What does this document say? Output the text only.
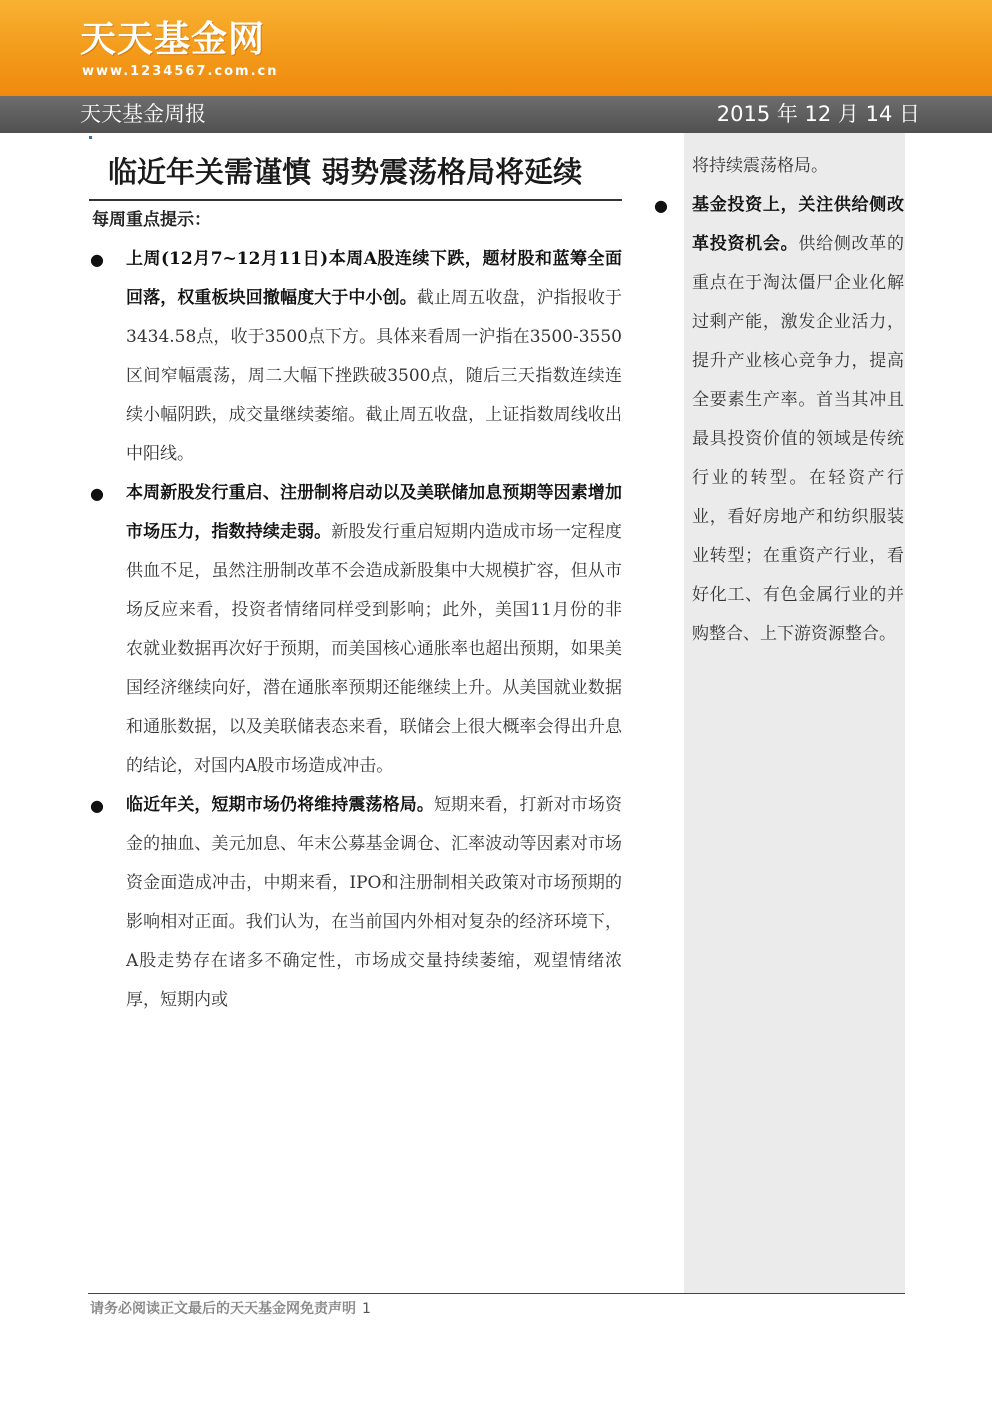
天天基金网
www.1234567.com.cn
天天基金周报	2015 年 12 月 14 日
临近年关需谨慎 弱势震荡格局将延续
每周重点提示：
● 上周(12月7~12月11日)本周A股连续下跌，题材股和蓝筹全面回落，权重板块回撤幅度大于中小创。截止周五收盘，沪指报收于3434.58点，收于3500点下方。具体来看周一沪指在3500-3550区间窄幅震荡，周二大幅下挫跌破3500点，随后三天指数连续连续小幅阴跌，成交量继续萎缩。截止周五收盘，上证指数周线收出中阳线。
● 本周新股发行重启、注册制将启动以及美联储加息预期等因素增加市场压力，指数持续走弱。新股发行重启短期内造成市场一定程度供血不足，虽然注册制改革不会造成新股集中大规模扩容，但从市场反应来看，投资者情绪同样受到影响；此外，美国11月份的非农就业数据再次好于预期，而美国核心通胀率也超出预期，如果美国经济继续向好，潜在通胀率预期还能继续上升。从美国就业数据和通胀数据，以及美联储表态来看，联储会上很大概率会得出升息的结论，对国内A股市场造成冲击。
● 临近年关，短期市场仍将维持震荡格局。短期来看，打新对市场资金的抽血、美元加息、年末公募基金调仓、汇率波动等因素对市场资金面造成冲击，中期来看，IPO和注册制相关政策对市场预期的影响相对正面。我们认为，在当前国内外相对复杂的经济环境下，A股走势存在诸多不确定性，市场成交量持续萎缩，观望情绪浓厚，短期内或
将持续震荡格局。
● 基金投资上，关注供给侧改革投资机会。供给侧改革的重点在于淘汰僵尸企业化解过剩产能，激发企业活力，提升产业核心竞争力，提高全要素生产率。首当其冲且最具投资价值的领域是传统行业的转型。在轻资产行业，看好房地产和纺织服装业转型；在重资产行业，看好化工、有色金属行业的并购整合、上下游资源整合。
请务必阅读正文最后的天天基金网免责声明 1
